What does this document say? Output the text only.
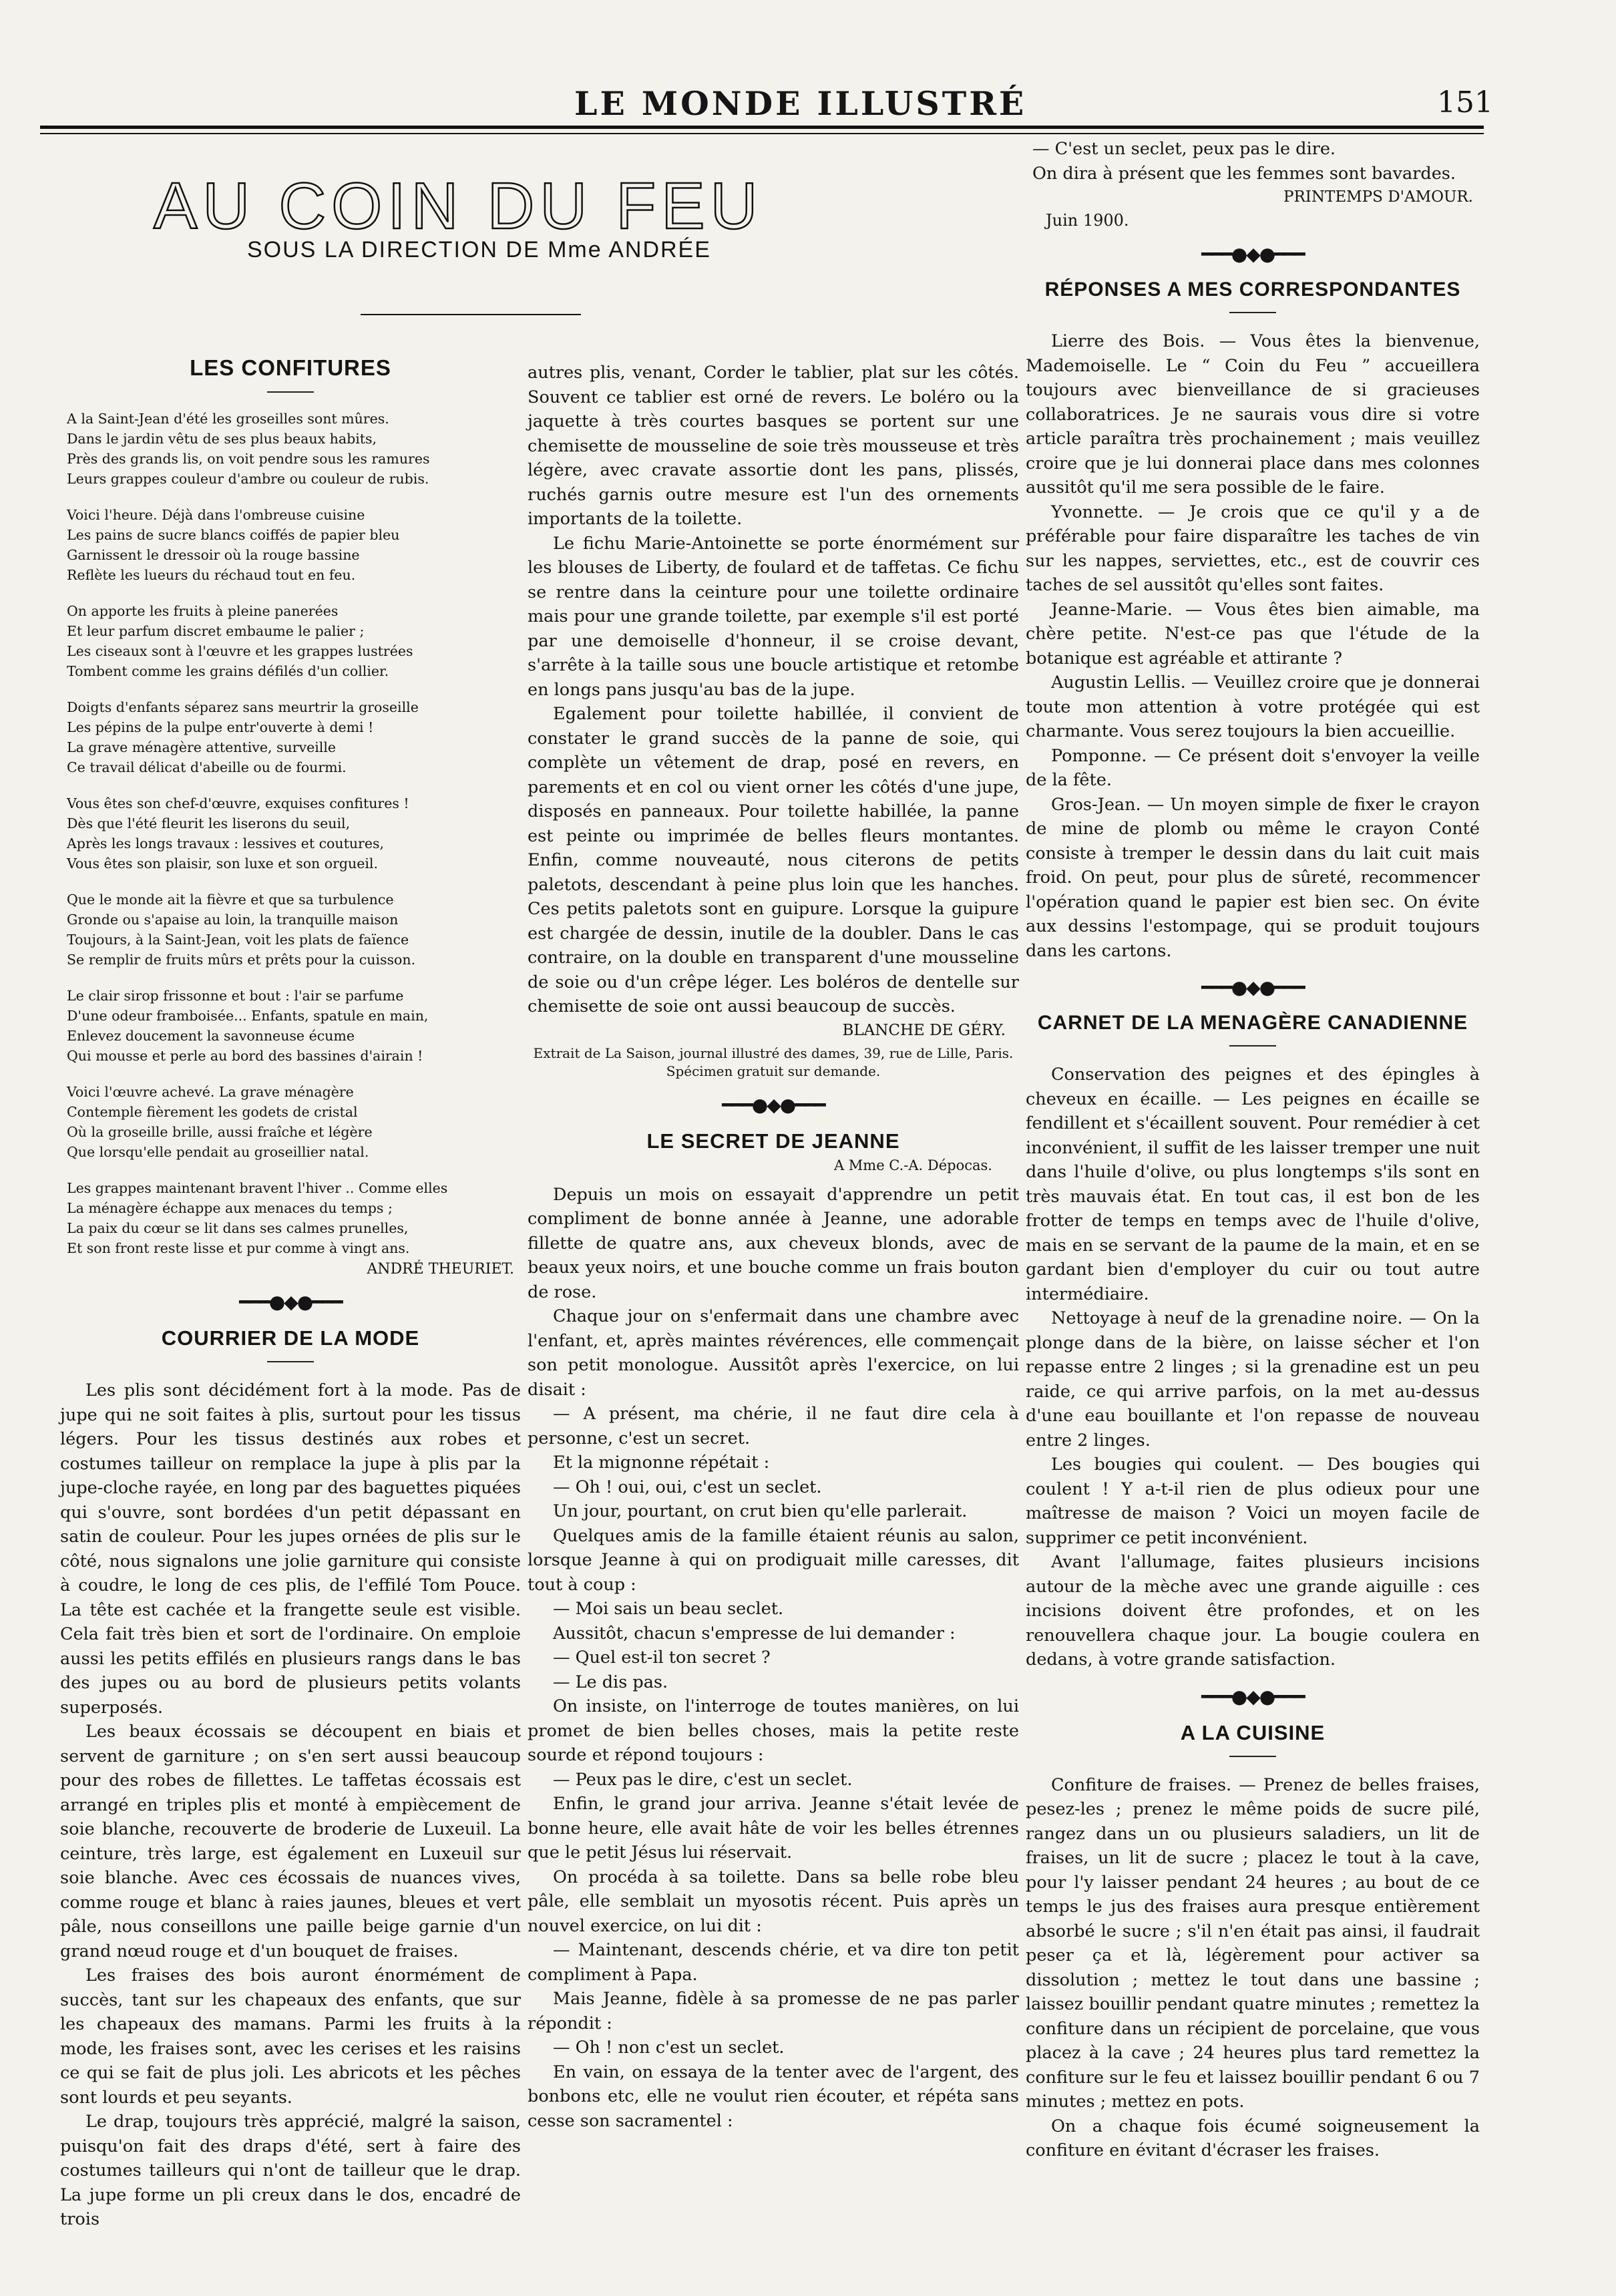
LE MONDE ILLUSTRÉ	151
AU COIN DU FEU
SOUS LA DIRECTION DE Mme ANDRÉE
LES CONFITURES
A la Saint-Jean d'été les groseilles sont mûres.
Dans le jardin vêtu de ses plus beaux habits,
Près des grands lis, on voit pendre sous les ramures
Leurs grappes couleur d'ambre ou couleur de rubis.
Voici l'heure. Déjà dans l'ombreuse cuisine
Les pains de sucre blancs coiffés de papier bleu
Garnissent le dressoir où la rouge bassine
Reflète les lueurs du réchaud tout en feu.
On apporte les fruits à pleine panerées
Et leur parfum discret embaume le palier ;
Les ciseaux sont à l'œuvre et les grappes lustrées
Tombent comme les grains défilés d'un collier.
Doigts d'enfants séparez sans meurtrir la groseille
Les pépins de la pulpe entr'ouverte à demi !
La grave ménagère attentive, surveille
Ce travail délicat d'abeille ou de fourmi.
Vous êtes son chef-d'œuvre, exquises confitures !
Dès que l'été fleurit les liserons du seuil,
Après les longs travaux : lessives et coutures,
Vous êtes son plaisir, son luxe et son orgueil.
Que le monde ait la fièvre et que sa turbulence
Gronde ou s'apaise au loin, la tranquille maison
Toujours, à la Saint-Jean, voit les plats de faïence
Se remplir de fruits mûrs et prêts pour la cuisson.
Le clair sirop frissonne et bout : l'air se parfume
D'une odeur framboisée... Enfants, spatule en main,
Enlevez doucement la savonneuse écume
Qui mousse et perle au bord des bassines d'airain !
Voici l'œuvre achevé. La grave ménagère
Contemple fièrement les godets de cristal
Où la groseille brille, aussi fraîche et légère
Que lorsqu'elle pendait au groseillier natal.
Les grappes maintenant bravent l'hiver .. Comme elles
La ménagère échappe aux menaces du temps ;
La paix du cœur se lit dans ses calmes prunelles,
Et son front reste lisse et pur comme à vingt ans.
ANDRÉ THEURIET.
━━━●◆●━━━
COURRIER DE LA MODE

Les plis sont décidément fort à la mode. Pas de jupe qui ne soit faites à plis, surtout pour les tissus légers. Pour les tissus destinés aux robes et costumes tailleur on remplace la jupe à plis par la jupe-cloche rayée, en long par des baguettes piquées qui s'ouvre, sont bordées d'un petit dépassant en satin de couleur. Pour les jupes ornées de plis sur le côté, nous signalons une jolie garniture qui consiste à coudre, le long de ces plis, de l'effilé Tom Pouce. La tête est cachée et la frangette seule est visible. Cela fait très bien et sort de l'ordinaire. On emploie aussi les petits effilés en plusieurs rangs dans le bas des jupes ou au bord de plusieurs petits volants superposés.

Les beaux écossais se découpent en biais et servent de garniture ; on s'en sert aussi beaucoup pour des robes de fillettes. Le taffetas écossais est arrangé en triples plis et monté à empiècement de soie blanche, recouverte de broderie de Luxeuil. La ceinture, très large, est également en Luxeuil sur soie blanche. Avec ces écossais de nuances vives, comme rouge et blanc à raies jaunes, bleues et vert pâle, nous conseillons une paille beige garnie d'un grand nœud rouge et d'un bouquet de fraises.

Les fraises des bois auront énormément de succès, tant sur les chapeaux des enfants, que sur les chapeaux des mamans. Parmi les fruits à la mode, les fraises sont, avec les cerises et les raisins ce qui se fait de plus joli. Les abricots et les pêches sont lourds et peu seyants.

Le drap, toujours très apprécié, malgré la saison, puisqu'on fait des draps d'été, sert à faire des costumes tailleurs qui n'ont de tailleur que le drap. La jupe forme un pli creux dans le dos, encadré de trois

autres plis, venant, Corder le tablier, plat sur les côtés. Souvent ce tablier est orné de revers. Le boléro ou la jaquette à très courtes basques se portent sur une chemisette de mousseline de soie très mousseuse et très légère, avec cravate assortie dont les pans, plissés, ruchés garnis outre mesure est l'un des ornements importants de la toilette.

Le fichu Marie-Antoinette se porte énormément sur les blouses de Liberty, de foulard et de taffetas. Ce fichu se rentre dans la ceinture pour une toilette ordinaire mais pour une grande toilette, par exemple s'il est porté par une demoiselle d'honneur, il se croise devant, s'arrête à la taille sous une boucle artistique et retombe en longs pans jusqu'au bas de la jupe.

Egalement pour toilette habillée, il convient de constater le grand succès de la panne de soie, qui complète un vêtement de drap, posé en revers, en parements et en col ou vient orner les côtés d'une jupe, disposés en panneaux. Pour toilette habillée, la panne est peinte ou imprimée de belles fleurs montantes. Enfin, comme nouveauté, nous citerons de petits paletots, descendant à peine plus loin que les hanches. Ces petits paletots sont en guipure. Lorsque la guipure est chargée de dessin, inutile de la doubler. Dans le cas contraire, on la double en transparent d'une mousseline de soie ou d'un crêpe léger. Les boléros de dentelle sur chemisette de soie ont aussi beaucoup de succès.

BLANCHE DE GÉRY.
Extrait de La Saison, journal illustré des dames, 39, rue de Lille, Paris. Spécimen gratuit sur demande.
━━━●◆●━━━
LE SECRET DE JEANNE
A Mme C.-A. Dépocas.

Depuis un mois on essayait d'apprendre un petit compliment de bonne année à Jeanne, une adorable fillette de quatre ans, aux cheveux blonds, avec de beaux yeux noirs, et une bouche comme un frais bouton de rose.

Chaque jour on s'enfermait dans une chambre avec l'enfant, et, après maintes révérences, elle commençait son petit monologue. Aussitôt après l'exercice, on lui disait :

— A présent, ma chérie, il ne faut dire cela à personne, c'est un secret.

Et la mignonne répétait :

— Oh ! oui, oui, c'est un seclet.

Un jour, pourtant, on crut bien qu'elle parlerait.

Quelques amis de la famille étaient réunis au salon, lorsque Jeanne à qui on prodiguait mille caresses, dit tout à coup :

— Moi sais un beau seclet.

Aussitôt, chacun s'empresse de lui demander :

— Quel est-il ton secret ?

— Le dis pas.

On insiste, on l'interroge de toutes manières, on lui promet de bien belles choses, mais la petite reste sourde et répond toujours :

— Peux pas le dire, c'est un seclet.

Enfin, le grand jour arriva. Jeanne s'était levée de bonne heure, elle avait hâte de voir les belles étrennes que le petit Jésus lui réservait.

On procéda à sa toilette. Dans sa belle robe bleu pâle, elle semblait un myosotis récent. Puis après un nouvel exercice, on lui dit :

— Maintenant, descends chérie, et va dire ton petit compliment à Papa.

Mais Jeanne, fidèle à sa promesse de ne pas parler répondit :

— Oh ! non c'est un seclet.

En vain, on essaya de la tenter avec de l'argent, des bonbons etc, elle ne voulut rien écouter, et répéta sans cesse son sacramentel :

— C'est un seclet, peux pas le dire.
On dira à présent que les femmes sont bavardes.
PRINTEMPS D'AMOUR.
Juin 1900.
━━━●◆●━━━
RÉPONSES A MES CORRESPONDANTES

Lierre des Bois. — Vous êtes la bienvenue, Mademoiselle. Le “ Coin du Feu ” accueillera toujours avec bienveillance de si gracieuses collaboratrices. Je ne saurais vous dire si votre article paraîtra très prochainement ; mais veuillez croire que je lui donnerai place dans mes colonnes aussitôt qu'il me sera possible de le faire.

Yvonnette. — Je crois que ce qu'il y a de préférable pour faire disparaître les taches de vin sur les nappes, serviettes, etc., est de couvrir ces taches de sel aussitôt qu'elles sont faites.

Jeanne-Marie. — Vous êtes bien aimable, ma chère petite. N'est-ce pas que l'étude de la botanique est agréable et attirante ?

Augustin Lellis. — Veuillez croire que je donnerai toute mon attention à votre protégée qui est charmante. Vous serez toujours la bien accueillie.

Pomponne. — Ce présent doit s'envoyer la veille de la fête.

Gros-Jean. — Un moyen simple de fixer le crayon de mine de plomb ou même le crayon Conté consiste à tremper le dessin dans du lait cuit mais froid. On peut, pour plus de sûreté, recommencer l'opération quand le papier est bien sec. On évite aux dessins l'estompage, qui se produit toujours dans les cartons.

━━━●◆●━━━
CARNET DE LA MENAGÈRE CANADIENNE

Conservation des peignes et des épingles à cheveux en écaille. — Les peignes en écaille se fendillent et s'écaillent souvent. Pour remédier à cet inconvénient, il suffit de les laisser tremper une nuit dans l'huile d'olive, ou plus longtemps s'ils sont en très mauvais état. En tout cas, il est bon de les frotter de temps en temps avec de l'huile d'olive, mais en se servant de la paume de la main, et en se gardant bien d'employer du cuir ou tout autre intermédiaire.

Nettoyage à neuf de la grenadine noire. — On la plonge dans de la bière, on laisse sécher et l'on repasse entre 2 linges ; si la grenadine est un peu raide, ce qui arrive parfois, on la met au-dessus d'une eau bouillante et l'on repasse de nouveau entre 2 linges.

Les bougies qui coulent. — Des bougies qui coulent ! Y a-t-il rien de plus odieux pour une maîtresse de maison ? Voici un moyen facile de supprimer ce petit inconvénient.

Avant l'allumage, faites plusieurs incisions autour de la mèche avec une grande aiguille : ces incisions doivent être profondes, et on les renouvellera chaque jour. La bougie coulera en dedans, à votre grande satisfaction.

━━━●◆●━━━
A LA CUISINE

Confiture de fraises. — Prenez de belles fraises, pesez-les ; prenez le même poids de sucre pilé, rangez dans un ou plusieurs saladiers, un lit de fraises, un lit de sucre ; placez le tout à la cave, pour l'y laisser pendant 24 heures ; au bout de ce temps le jus des fraises aura presque entièrement absorbé le sucre ; s'il n'en était pas ainsi, il faudrait peser ça et là, légèrement pour activer sa dissolution ; mettez le tout dans une bassine ; laissez bouillir pendant quatre minutes ; remettez la confiture dans un récipient de porcelaine, que vous placez à la cave ; 24 heures plus tard remettez la confiture sur le feu et laissez bouillir pendant 6 ou 7 minutes ; mettez en pots.

On a chaque fois écumé soigneusement la confiture en évitant d'écraser les fraises.
